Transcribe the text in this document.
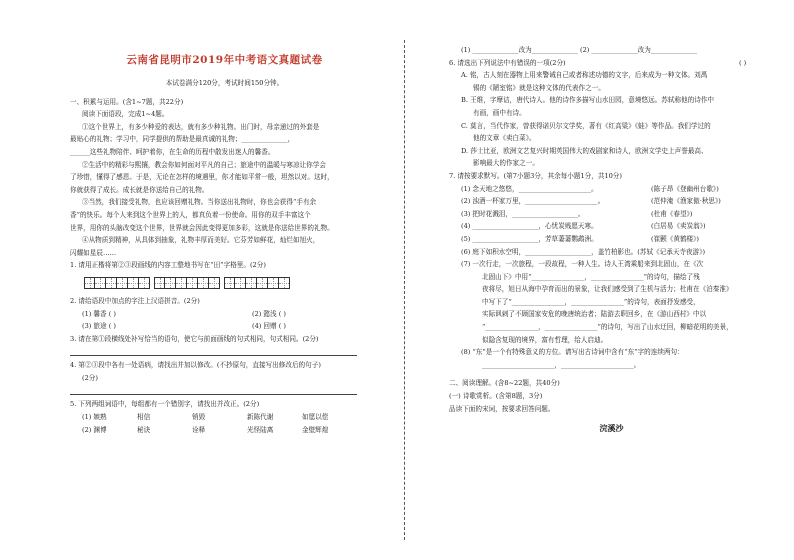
云南省昆明市2019年中考语文真题试卷

本试卷满分120分，考试时间150分钟。

一、积累与运用。(含1~7题，共22分)

阅读下面语段，完成1~4题。

①这个世界上，有多少种爱的表达，就有多少种礼物。出门时，母亲递过的外套是

最贴心的礼物；学习中，同学提供的帮助是最真诚的礼物；______________，

______这些礼物陪伴、呵护着你，在生命的历程中散发出迷人的馨香。

②生活中的精彩与熙攘，教会你如何面对平凡的自己；旅途中的温暖与寒凉让你学会

了珍惜，懂得了感恩。于是，无论在怎样的境遇里，你才能如平常一般，坦然以对。这时，

你就获得了成长。成长就是你送给自己的礼物。

③当然，我们接受礼物，也应该回赠礼物。当你送出礼物时，你也会获得“手有余

香”的快乐。每个人来到这个世界上的人，都真负着一份使命。用你的双手丰富这个

世界，用你的头脑改变这个世界，世界就会因此变得更加多彩，这就是你送给世界的礼物。

④从物质到精神，从具体到抽象，礼物丰厚而美好。它芬芳如鲜花，灿烂如旭火，

闪耀如星辰……

1. 请用正楷将第②③段画线的内容工整地书写在“田”字格里。(2分)

2. 请给语段中加点的字注上汉语拼音。(2分)

(1) 馨香 ( )	(2) 懿浅 ( )
(3) 旅途 ( )	(4) 回赠 ( )

3. 请在第①段横线处补写恰当的语句，使它与前面画线的句式相同，句式相同。(2分)

4. 第②③段中各有一处语病，请找出并加以修改。(不抄原句，直接写出修改后的句子)

(2分)

5. 下列两组词语中，每组都有一个错别字，请找出并改正。(2分)

(1) 嫉熟	相信	销毁	新陈代谢	如愿以偿
(2) 渊博	秘诀	诠释	光怪陆离	金壁辉煌

(1) ______________改为______________ (2) ______________改为______________

6. 请选出下列说法中有错误的一项(2分)	( )

A. 铭，古人刻在器物上用来警诫自己或者称述功德的文字，后来成为一种文体。刘禹

锡的《陋室铭》就是这种文体的代表作之一。

B. 王维，字摩诘，唐代诗人。他的诗作多描写山水田园，意境悠远。苏轼称他的诗作中

有画，画中有诗。

C. 莫言，当代作家，曾获得诺贝尔文学奖，著有《红高粱》《蛙》等作品。我们学过的

他的文章《卖白菜》。

D. 莎士比亚，欧洲文艺复兴时期英国伟大的戏剧家和诗人，欧洲文学史上声誉最高、

影响最大的作家之一。

7. 请按要求默写。(第7小题3分，其余每小题1分，共10分)

(1) 念天地之悠悠，______________________。	(陈子昂《登幽州台歌》)
(2) 浊酒一杯家万里，______________________。	(范仲淹《渔家傲·秋思》)
(3) 把时花溅泪，____________________。	(杜甫《春望》)
(4) ____________________，心忧炭贱愿天寒。	(白居易《卖炭翁》)
(5) ____________________，芳草萋萋鹦鹉洲。	(崔颢《黄鹤楼》)
(6) 庭下如积水空明，____________________，盖竹柏影也。(苏轼《记承天寺夜游》)

(7) 一次行走，一次旅程，一段故程，一种人生。诗人王湾乘船来到北固山，在《次

北固山下》中用“________________，________________”的诗句，描绘了残

夜将尽，旭日从海中孕育而出的景象，让我们感受到了生机与活力；杜甫在《泊秦淮》

中写下了“________________，________________”的诗句，表面抒发感受，

实际讽刺了不顾国家安危的晚唐统治者；陆游去职回乡，在《游山西村》中以

“________________，________________”的诗句，写出了山水迂回，柳暗花明的美景，

似隐含复现的境界，富有哲理，给人启迪。

(8) “东”是一个有特殊意义的方位。请写出古诗词中含有“东”字的连续两句：

______________________，______________________。

二、阅读理解。(含8~22题，共40分)

(一) 诗歌赏析。(含第8题，3分)

品读下面的宋词，按要求回答问题。

浣溪沙
